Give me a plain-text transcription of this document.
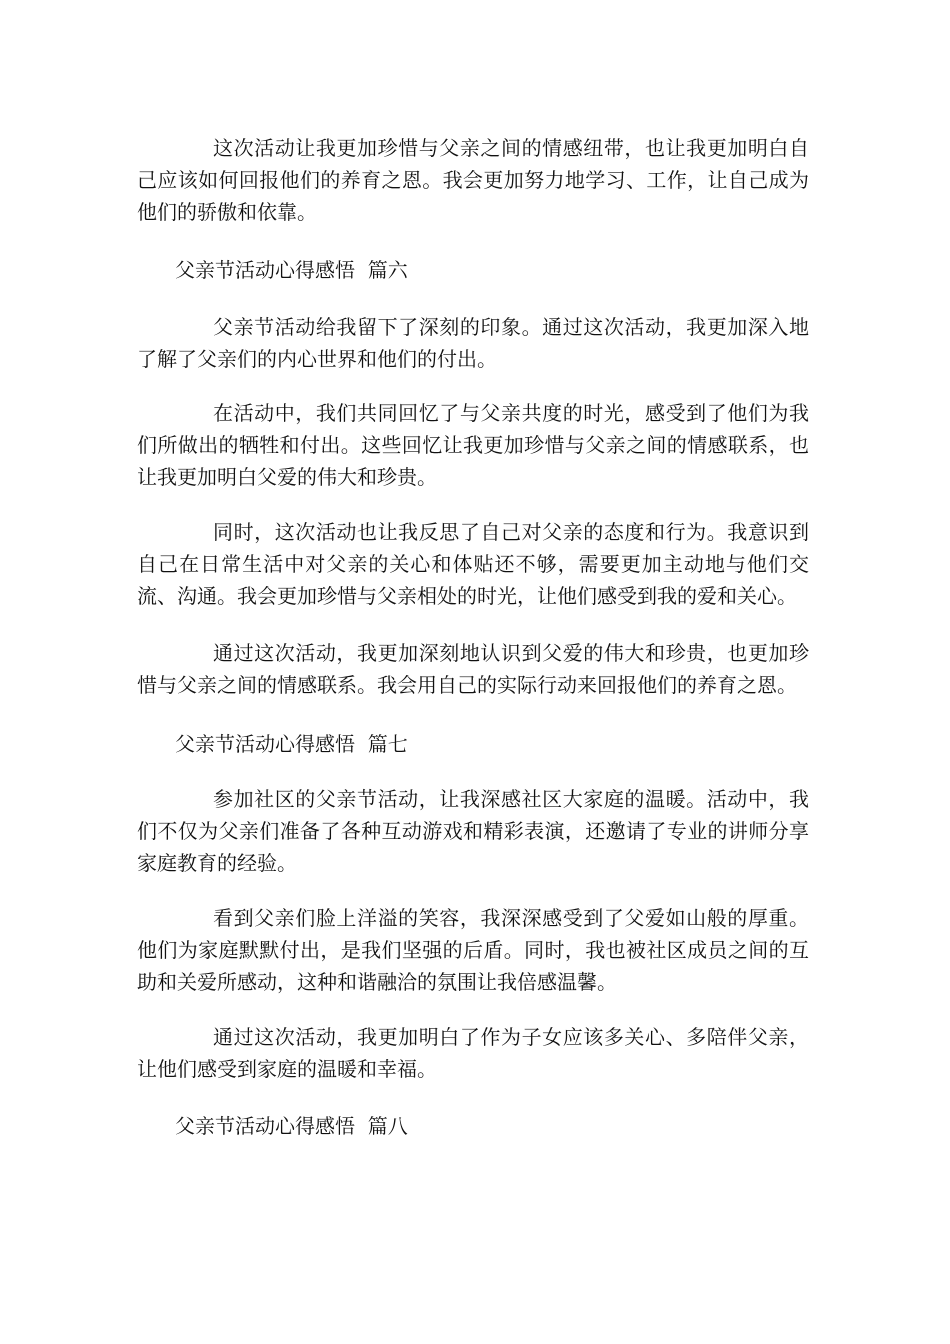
这次活动让我更加珍惜与父亲之间的情感纽带，也让我更加明白自己应该如何回报他们的养育之恩。我会更加努力地学习、工作，让自己成为他们的骄傲和依靠。

父亲节活动心得感悟  篇六

父亲节活动给我留下了深刻的印象。通过这次活动，我更加深入地了解了父亲们的内心世界和他们的付出。

在活动中，我们共同回忆了与父亲共度的时光，感受到了他们为我们所做出的牺牲和付出。这些回忆让我更加珍惜与父亲之间的情感联系，也让我更加明白父爱的伟大和珍贵。

同时，这次活动也让我反思了自己对父亲的态度和行为。我意识到自己在日常生活中对父亲的关心和体贴还不够，需要更加主动地与他们交流、沟通。我会更加珍惜与父亲相处的时光，让他们感受到我的爱和关心。

通过这次活动，我更加深刻地认识到父爱的伟大和珍贵，也更加珍惜与父亲之间的情感联系。我会用自己的实际行动来回报他们的养育之恩。

父亲节活动心得感悟  篇七

参加社区的父亲节活动，让我深感社区大家庭的温暖。活动中，我们不仅为父亲们准备了各种互动游戏和精彩表演，还邀请了专业的讲师分享家庭教育的经验。

看到父亲们脸上洋溢的笑容，我深深感受到了父爱如山般的厚重。他们为家庭默默付出，是我们坚强的后盾。同时，我也被社区成员之间的互助和关爱所感动，这种和谐融洽的氛围让我倍感温馨。

通过这次活动，我更加明白了作为子女应该多关心、多陪伴父亲，让他们感受到家庭的温暖和幸福。

父亲节活动心得感悟  篇八
